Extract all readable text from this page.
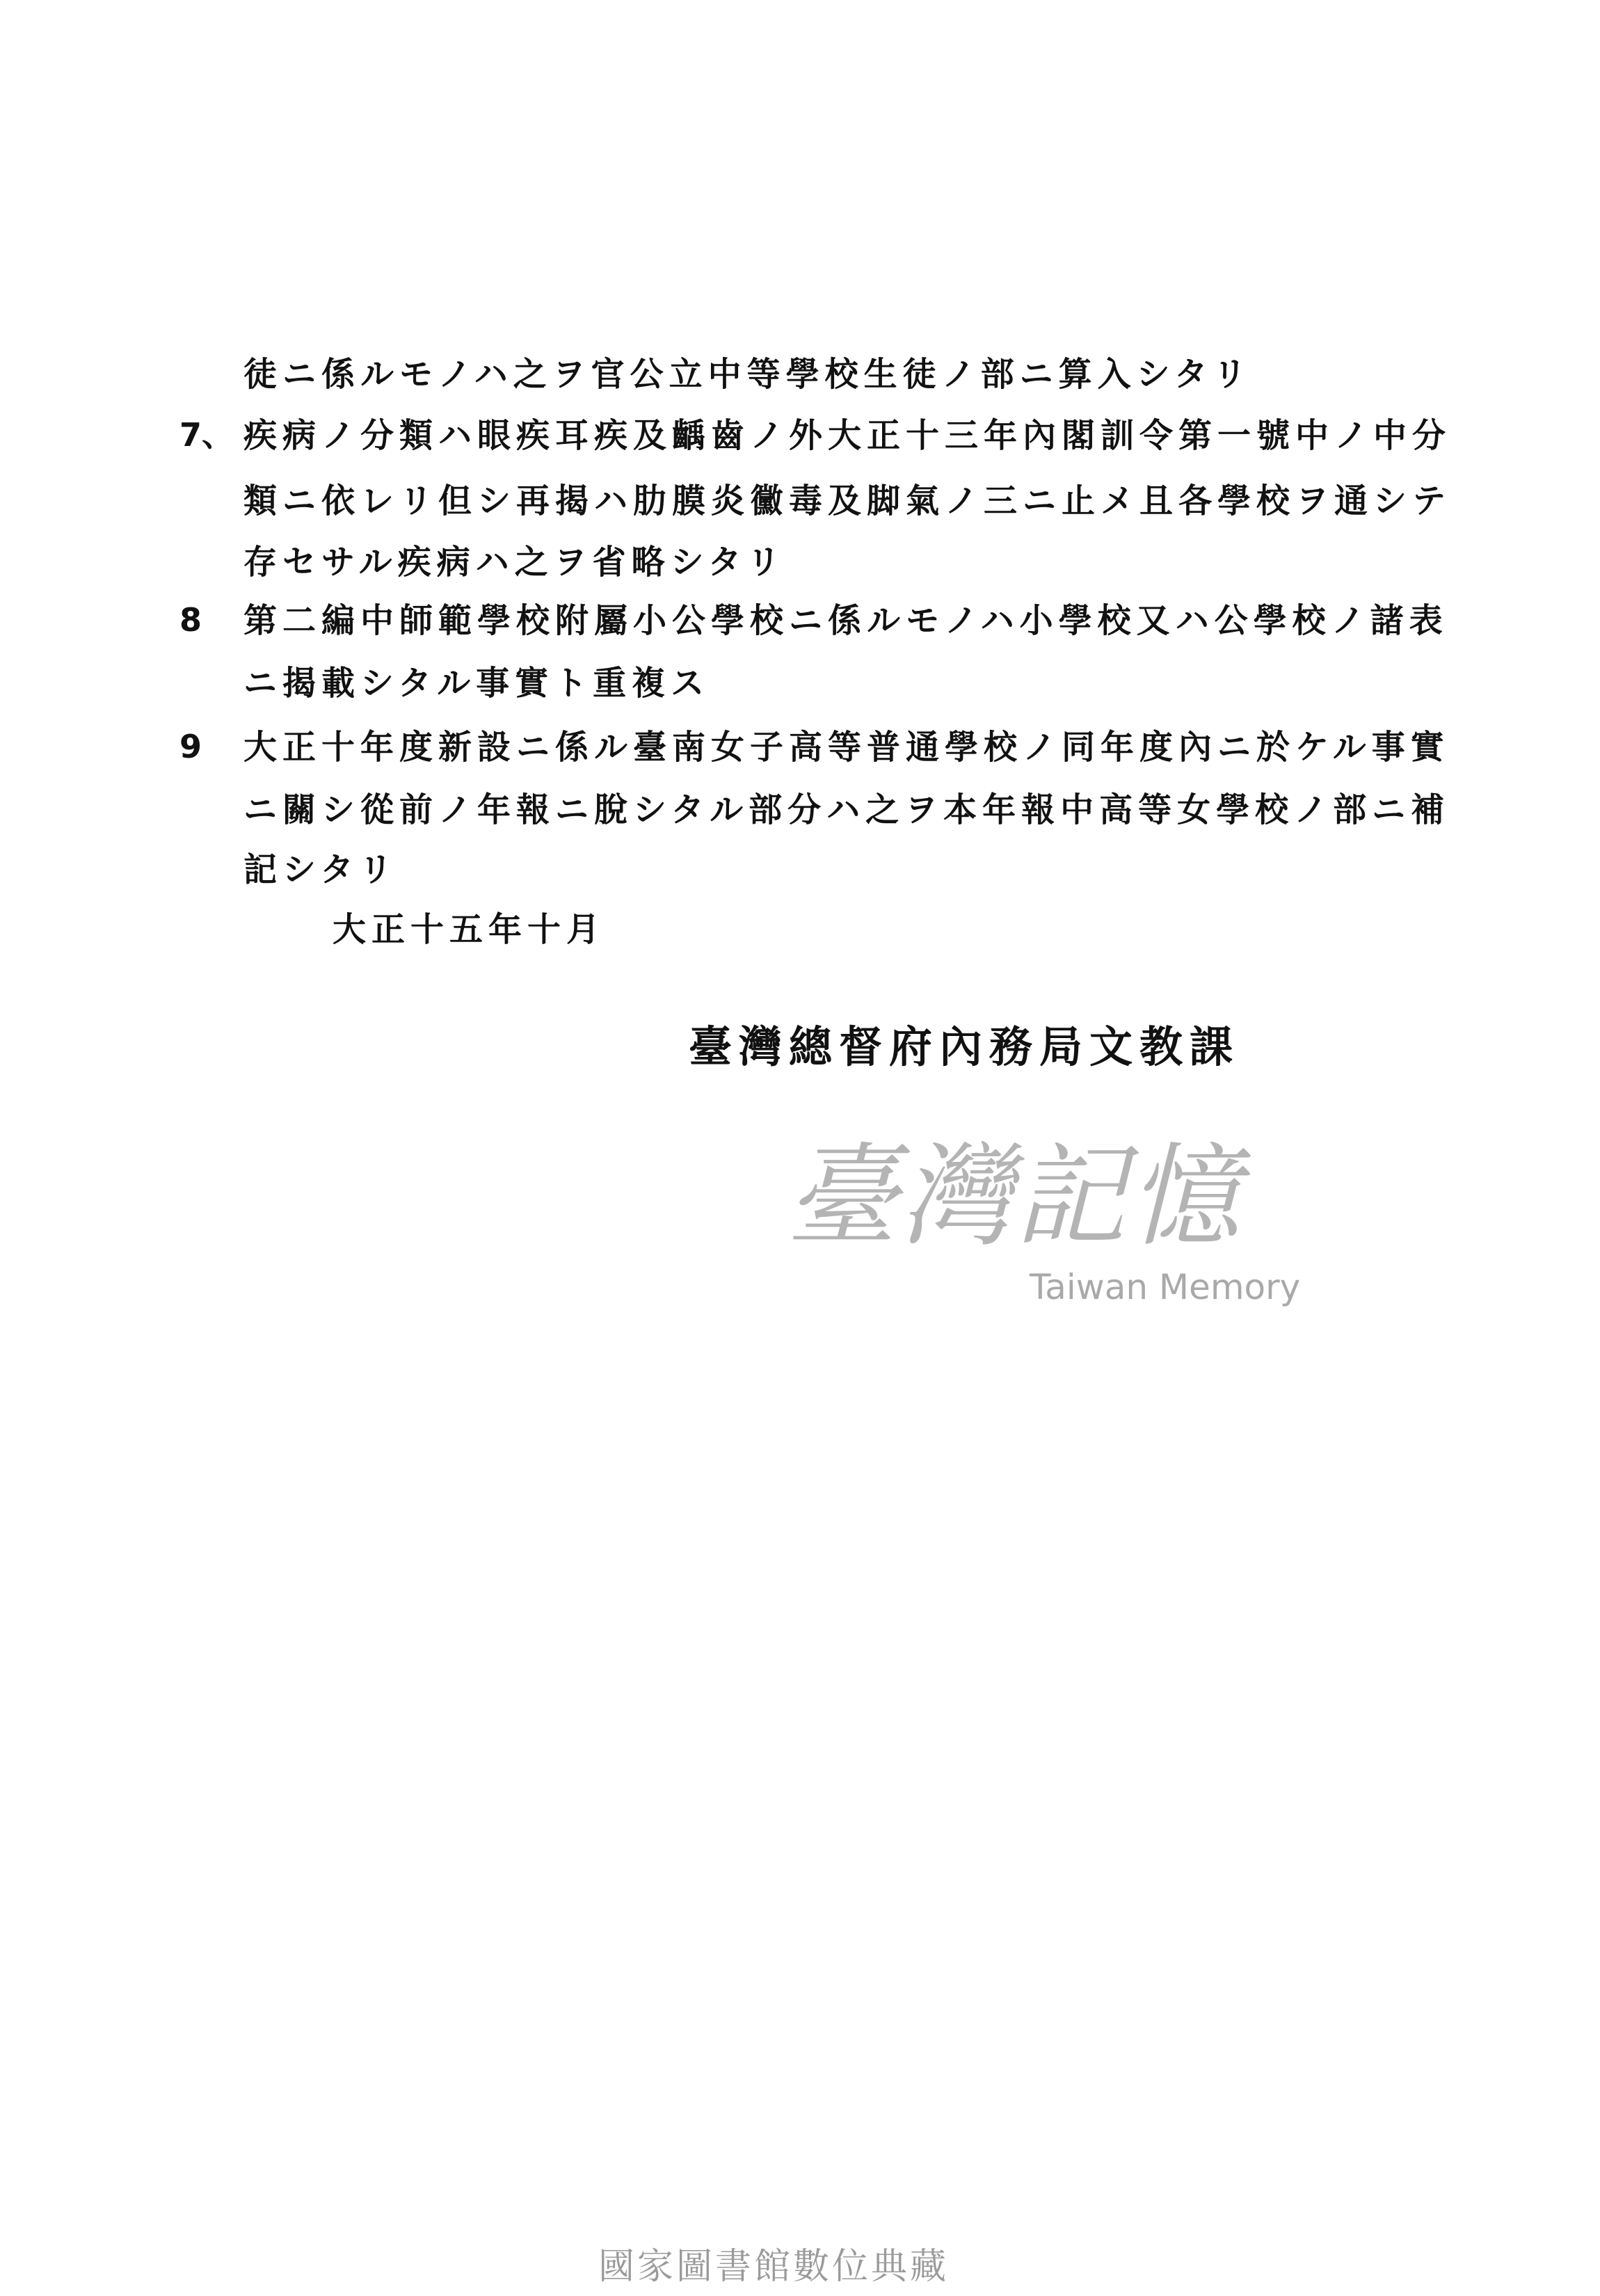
徒ニ係ルモノハ之ヲ官公立中等學校生徒ノ部ニ算入シタリ
7、 疾病ノ分類ハ眼疾耳疾及齲齒ノ外大正十三年內閣訓令第一號中ノ中分
類ニ依レリ但シ再揭ハ肋膜炎黴毒及脚氣ノ三ニ止メ且各學校ヲ通シテ
存セサル疾病ハ之ヲ省略シタリ
8 第二編中師範學校附屬小公學校ニ係ルモノハ小學校又ハ公學校ノ諸表
ニ揭載シタル事實ト重複ス
9 大正十年度新設ニ係ル臺南女子高等普通學校ノ同年度內ニ於ケル事實
ニ關シ從前ノ年報ニ脫シタル部分ハ之ヲ本年報中高等女學校ノ部ニ補
記シタリ
大正十五年十月
臺灣總督府內務局文教課
臺灣記憶
Taiwan Memory
國家圖書館數位典藏
